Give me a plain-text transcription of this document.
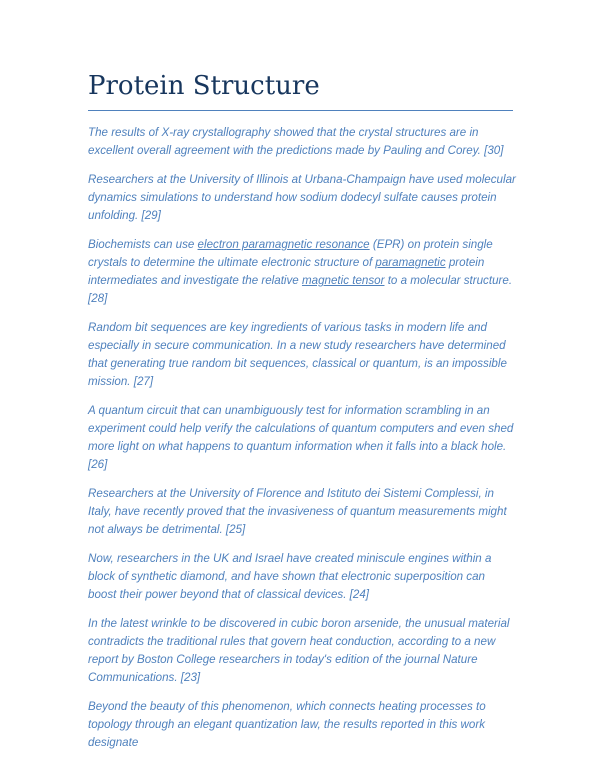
Protein Structure

The results of X-ray crystallography showed that the crystal structures are in excellent overall agreement with the predictions made by Pauling and Corey. [30]

Researchers at the University of Illinois at Urbana-Champaign have used molecular dynamics simulations to understand how sodium dodecyl sulfate causes protein unfolding. [29]

Biochemists can use electron paramagnetic resonance (EPR) on protein single crystals to determine the ultimate electronic structure of paramagnetic protein intermediates and investigate the relative magnetic tensor to a molecular structure. [28]

Random bit sequences are key ingredients of various tasks in modern life and especially in secure communication. In a new study researchers have determined that generating true random bit sequences, classical or quantum, is an impossible mission. [27]

A quantum circuit that can unambiguously test for information scrambling in an experiment could help verify the calculations of quantum computers and even shed more light on what happens to quantum information when it falls into a black hole. [26]

Researchers at the University of Florence and Istituto dei Sistemi Complessi, in Italy, have recently proved that the invasiveness of quantum measurements might not always be detrimental. [25]

Now, researchers in the UK and Israel have created miniscule engines within a block of synthetic diamond, and have shown that electronic superposition can boost their power beyond that of classical devices. [24]

In the latest wrinkle to be discovered in cubic boron arsenide, the unusual material contradicts the traditional rules that govern heat conduction, according to a new report by Boston College researchers in today's edition of the journal Nature Communications. [23]

Beyond the beauty of this phenomenon, which connects heating processes to topology through an elegant quantization law, the results reported in this work designate
